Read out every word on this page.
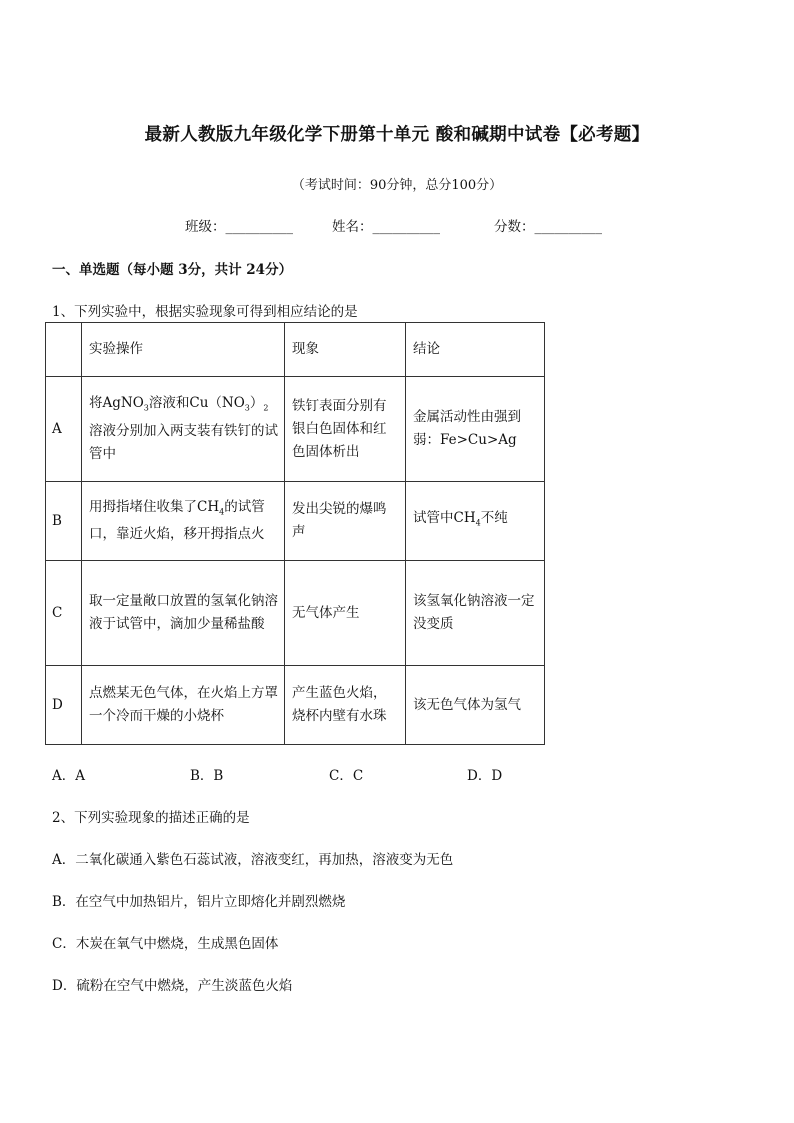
最新人教版九年级化学下册第十单元 酸和碱期中试卷【必考题】
（考试时间：90分钟，总分100分）
班级：__________	姓名：__________	分数：__________
一、单选题（每小题 3分，共计 24分）
1、下列实验中，根据实验现象可得到相应结论的是
	实验操作	现象	结论
A	将AgNO$_3$溶液和$Cu(NO_3)_2$溶液分别加入两支装有铁钉的试管中	铁钉表面分别有银白色固体和红色固体析出	金属活动性由强到弱：Fe>Cu>Ag
B	用拇指堵住收集了$CH_4$的试管口，靠近火焰，移开拇指点火	发出尖锐的爆鸣声	试管中$CH_4$不纯
C	取一定量敞口放置的氢氧化钠溶液于试管中，滴加少量稀盐酸	无气体产生	该氢氧化钠溶液一定没变质
D	点燃某无色气体，在火焰上方罩一个冷而干燥的小烧杯	产生蓝色火焰，烧杯内壁有水珠	该无色气体为氢气
A．A	B．B	C．C	D．D
2、下列实验现象的描述正确的是
A．二氧化碳通入紫色石蕊试液，溶液变红，再加热，溶液变为无色
B．在空气中加热铝片，铝片立即熔化并剧烈燃烧
C．木炭在氧气中燃烧，生成黑色固体
D．硫粉在空气中燃烧，产生淡蓝色火焰
